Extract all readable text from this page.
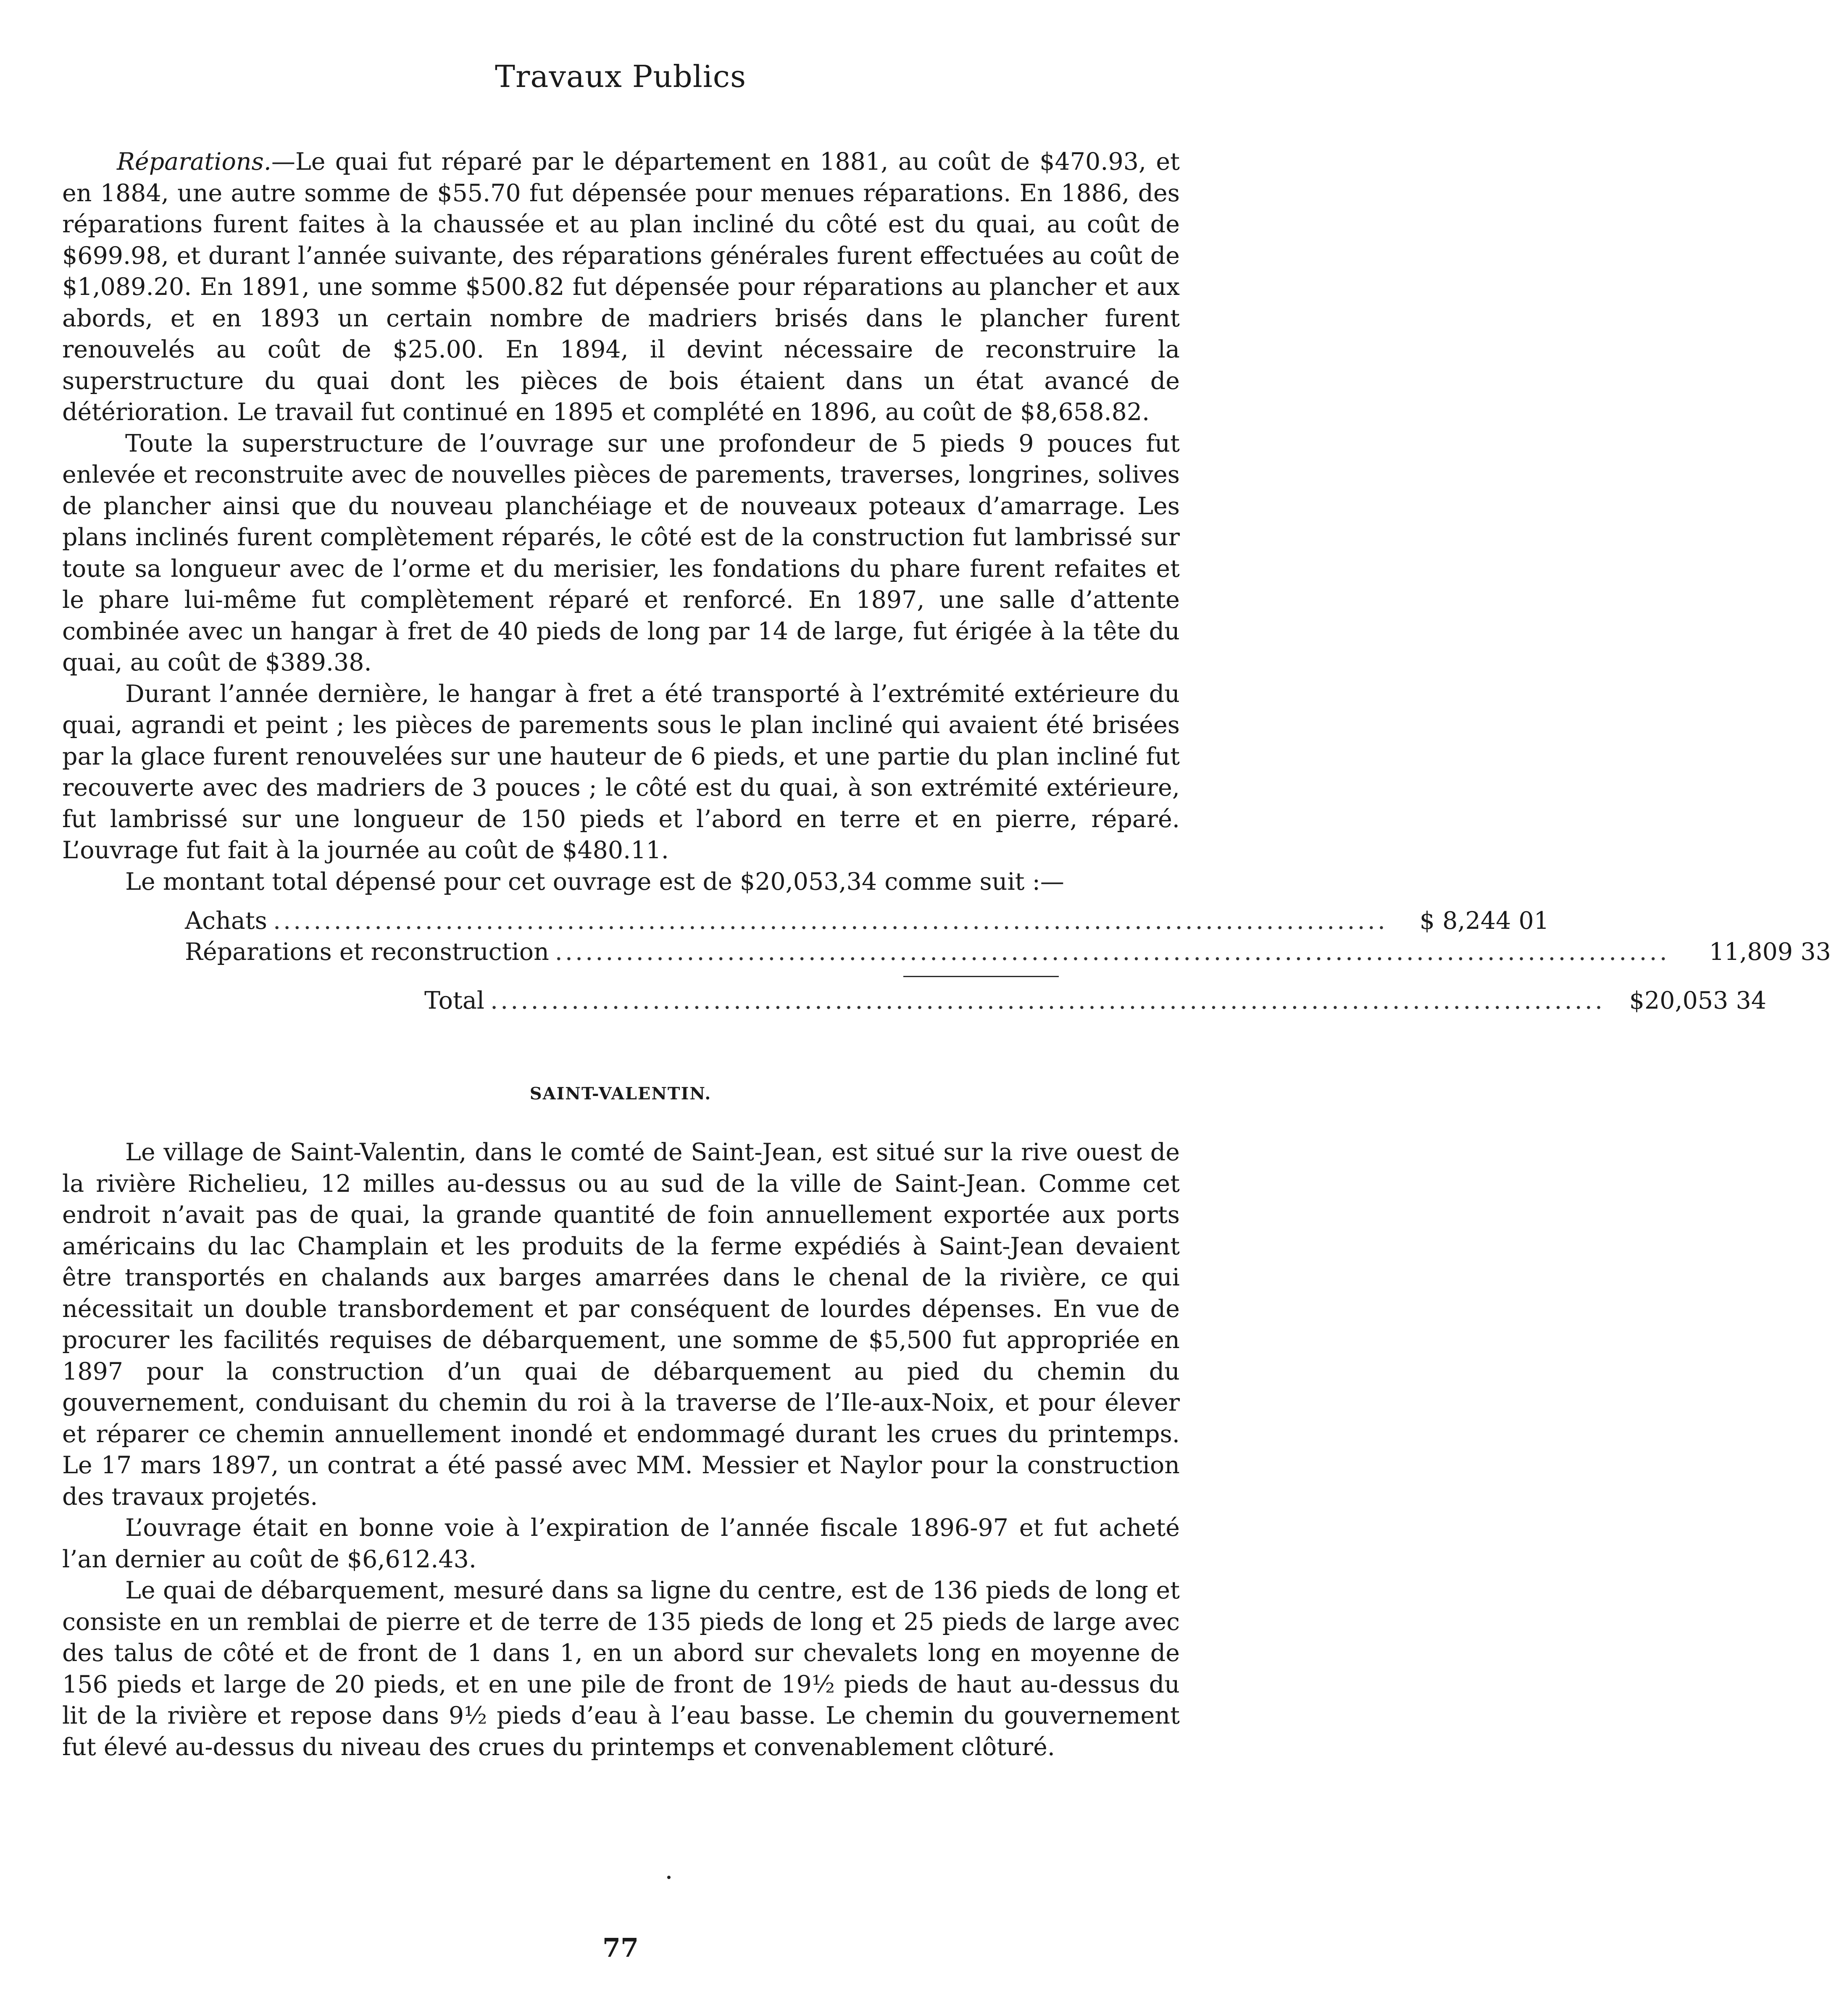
Travaux Publics

Réparations.—Le quai fut réparé par le département en 1881, au coût de $470.93, et en 1884, une autre somme de $55.70 fut dépensée pour menues réparations. En 1886, des réparations furent faites à la chaussée et au plan incliné du côté est du quai, au coût de $699.98, et durant l’année suivante, des réparations générales furent effectuées au coût de $1,089.20. En 1891, une somme $500.82 fut dépensée pour réparations au plancher et aux abords, et en 1893 un certain nombre de madriers brisés dans le plancher furent renouvelés au coût de $25.00. En 1894, il devint nécessaire de reconstruire la superstructure du quai dont les pièces de bois étaient dans un état avancé de détérioration. Le travail fut continué en 1895 et complété en 1896, au coût de $8,658.82.

Toute la superstructure de l’ouvrage sur une profondeur de 5 pieds 9 pouces fut enlevée et reconstruite avec de nouvelles pièces de parements, traverses, longrines, solives de plancher ainsi que du nouveau planchéiage et de nouveaux poteaux d’amarrage. Les plans inclinés furent complètement réparés, le côté est de la construction fut lambrissé sur toute sa longueur avec de l’orme et du merisier, les fondations du phare furent refaites et le phare lui-même fut complètement réparé et renforcé. En 1897, une salle d’attente combinée avec un hangar à fret de 40 pieds de long par 14 de large, fut érigée à la tête du quai, au coût de $389.38.

Durant l’année dernière, le hangar à fret a été transporté à l’extrémité extérieure du quai, agrandi et peint ; les pièces de parements sous le plan incliné qui avaient été brisées par la glace furent renouvelées sur une hauteur de 6 pieds, et une partie du plan incliné fut recouverte avec des madriers de 3 pouces ; le côté est du quai, à son extrémité extérieure, fut lambrissé sur une longueur de 150 pieds et l’abord en terre et en pierre, réparé. L’ouvrage fut fait à la journée au coût de $480.11.

Le montant total dépensé pour cet ouvrage est de $20,053,34 comme suit :—

Achats ..............................................................................................................	$ 8,244 01
Réparations et reconstruction ..............................................................................................................	11,809 33
Total ..............................................................................................................	$20,053 34
SAINT-VALENTIN.

Le village de Saint-Valentin, dans le comté de Saint-Jean, est situé sur la rive ouest de la rivière Richelieu, 12 milles au-dessus ou au sud de la ville de Saint-Jean. Comme cet endroit n’avait pas de quai, la grande quantité de foin annuellement exportée aux ports américains du lac Champlain et les produits de la ferme expédiés à Saint-Jean devaient être transportés en chalands aux barges amarrées dans le chenal de la rivière, ce qui nécessitait un double transbordement et par conséquent de lourdes dépenses. En vue de procurer les facilités requises de débarquement, une somme de $5,500 fut appropriée en 1897 pour la construction d’un quai de débarquement au pied du chemin du gouvernement, conduisant du chemin du roi à la traverse de l’Ile-aux-Noix, et pour élever et réparer ce chemin annuellement inondé et endommagé durant les crues du printemps. Le 17 mars 1897, un contrat a été passé avec MM. Messier et Naylor pour la construction des travaux projetés.

L’ouvrage était en bonne voie à l’expiration de l’année fiscale 1896-97 et fut acheté l’an dernier au coût de $6,612.43.

Le quai de débarquement, mesuré dans sa ligne du centre, est de 136 pieds de long et consiste en un remblai de pierre et de terre de 135 pieds de long et 25 pieds de large avec des talus de côté et de front de 1 dans 1, en un abord sur chevalets long en moyenne de 156 pieds et large de 20 pieds, et en une pile de front de 19½ pieds de haut au-dessus du lit de la rivière et repose dans 9½ pieds d’eau à l’eau basse. Le chemin du gouvernement fut élevé au-dessus du niveau des crues du printemps et convenablement clôturé.

77
